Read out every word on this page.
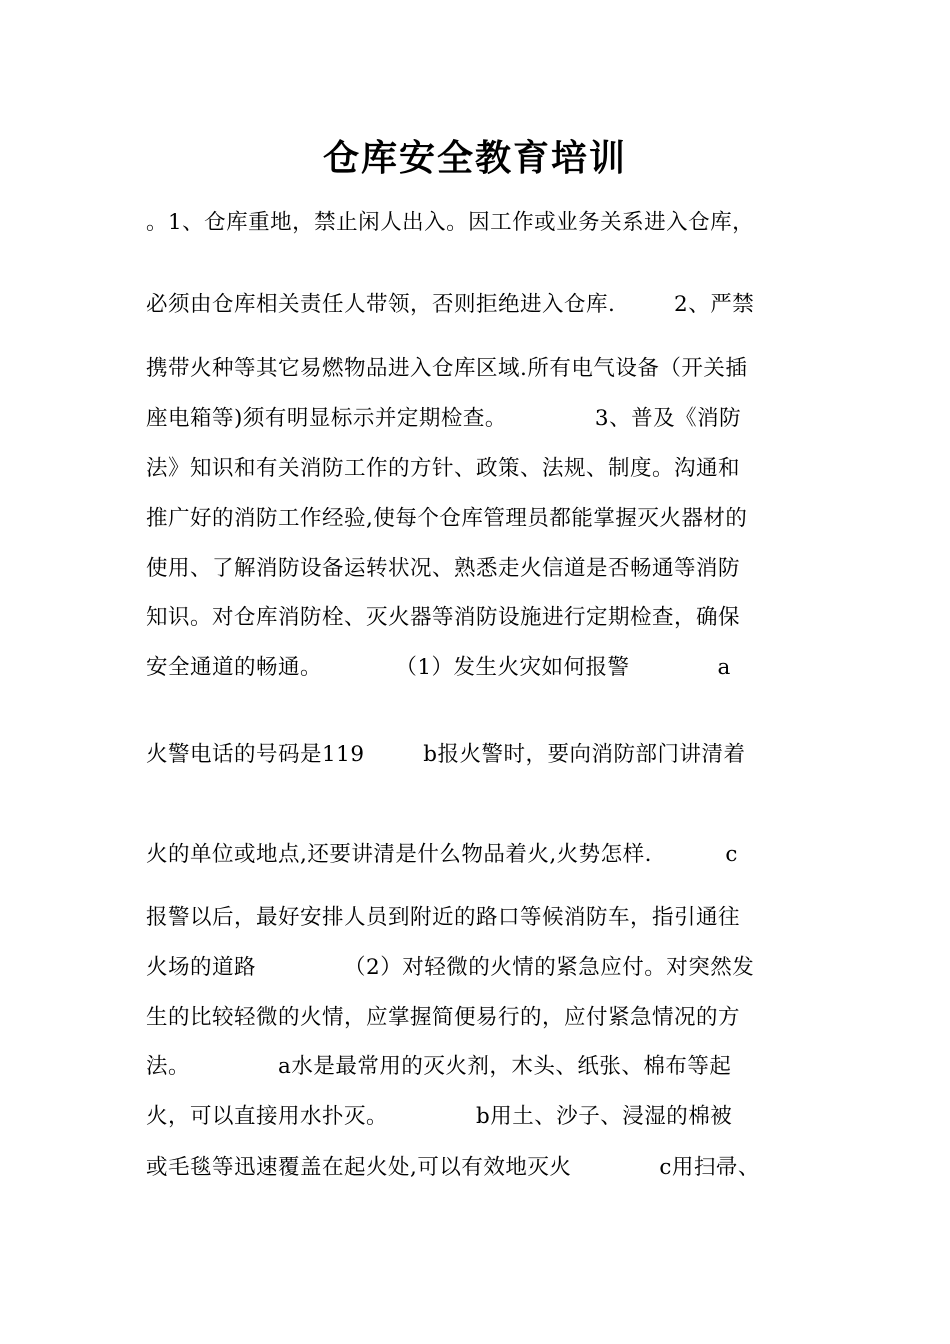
仓库安全教育培训
。1、仓库重地，禁止闲人出入。因工作或业务关系进入仓库，
必须由仓库相关责任人带领，否则拒绝进入仓库.        2、严禁
携带火种等其它易燃物品进入仓库区域.所有电气设备（开关插
座电箱等)须有明显标示并定期检查。            3、普及《消防
法》知识和有关消防工作的方针、政策、法规、制度。沟通和
推广好的消防工作经验,使每个仓库管理员都能掌握灭火器材的
使用、了解消防设备运转状况、熟悉走火信道是否畅通等消防
知识。对仓库消防栓、灭火器等消防设施进行定期检查，确保
安全通道的畅通。          （1）发生火灾如何报警            a
火警电话的号码是119        b报火警时，要向消防部门讲清着
火的单位或地点,还要讲清是什么物品着火,火势怎样.          c
报警以后，最好安排人员到附近的路口等候消防车，指引通往
火场的道路            （2）对轻微的火情的紧急应付。对突然发
生的比较轻微的火情，应掌握简便易行的，应付紧急情况的方
法。            a水是最常用的灭火剂，木头、纸张、棉布等起
火，可以直接用水扑灭。            b用土、沙子、浸湿的棉被
或毛毯等迅速覆盖在起火处,可以有效地灭火            c用扫帚、
